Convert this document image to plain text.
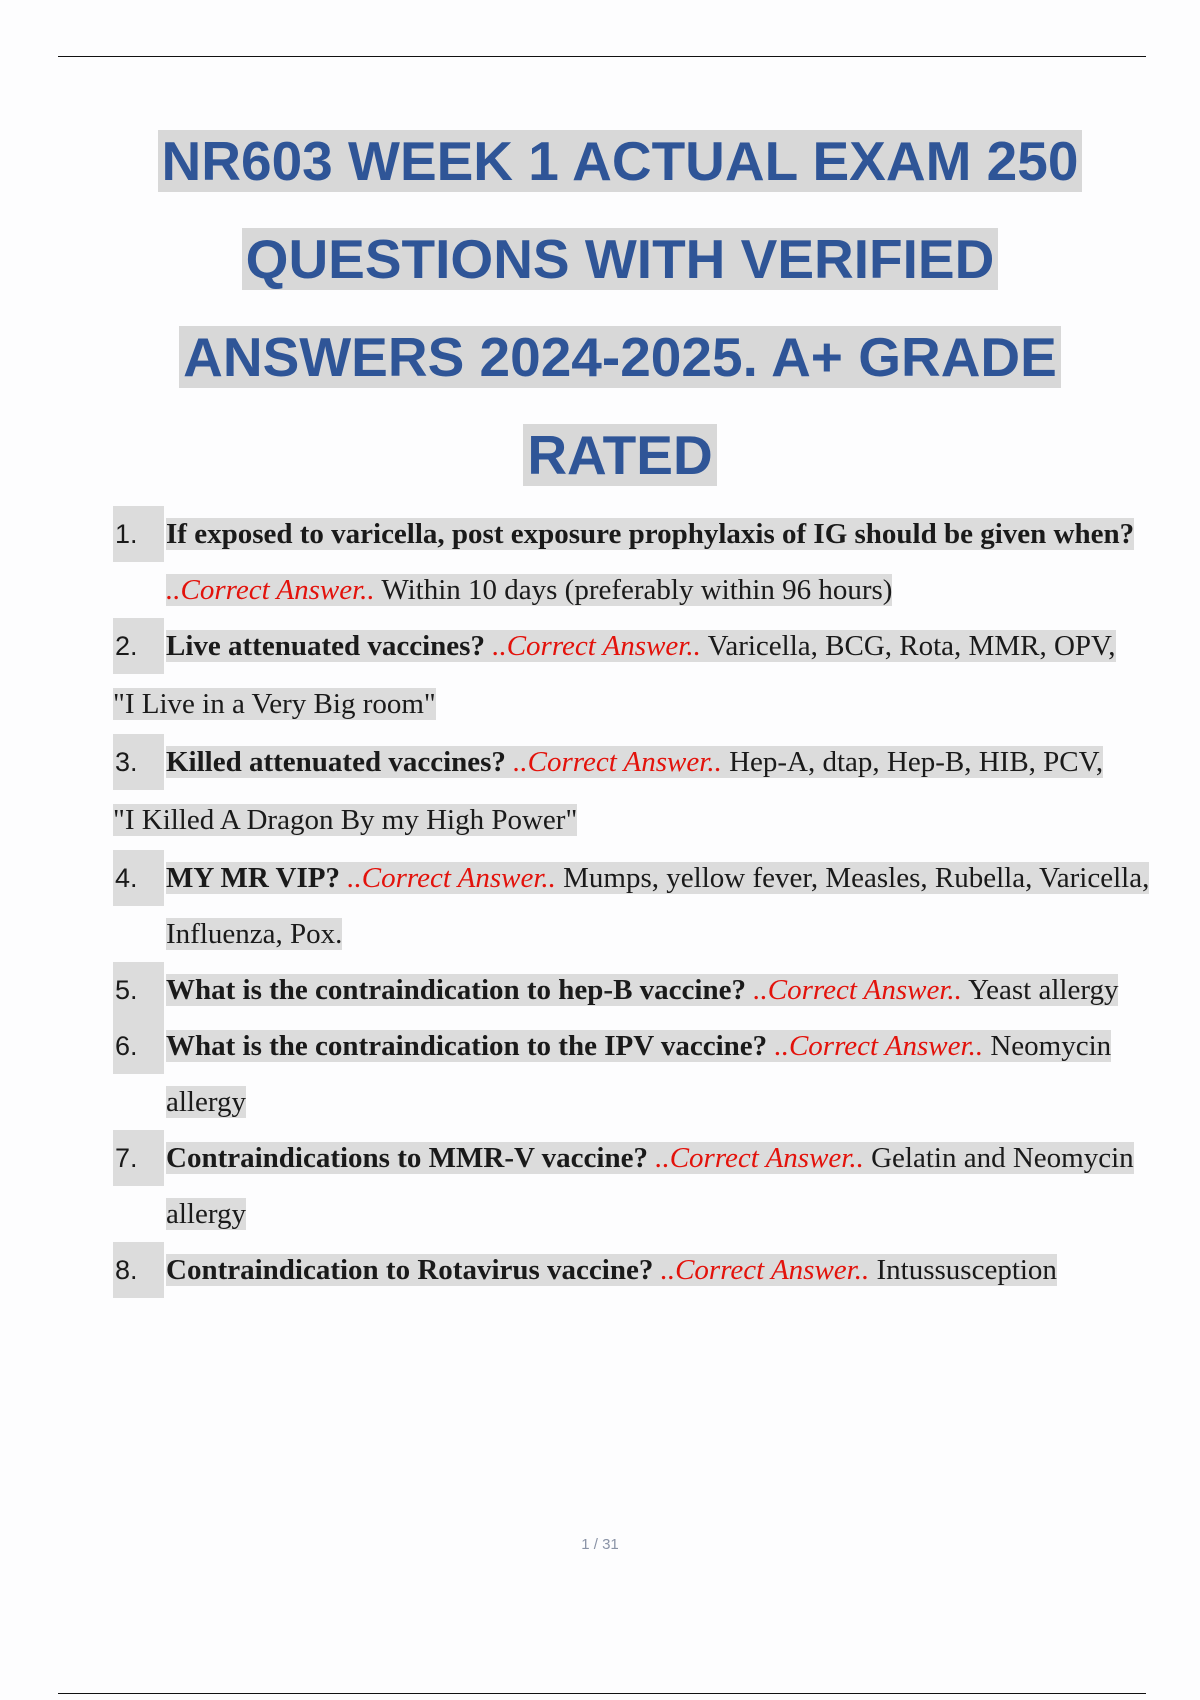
NR603 WEEK 1 ACTUAL EXAM 250
QUESTIONS WITH VERIFIED
ANSWERS 2024-2025. A+ GRADE
RATED
1. If exposed to varicella, post exposure prophylaxis of IG should be given when? ..Correct Answer.. Within 10 days (preferably within 96 hours)
2. Live attenuated vaccines? ..Correct Answer.. Varicella, BCG, Rota, MMR, OPV,
"I Live in a Very Big room"
3. Killed attenuated vaccines? ..Correct Answer.. Hep-A, dtap, Hep-B, HIB, PCV,
"I Killed A Dragon By my High Power"
4. MY MR VIP? ..Correct Answer.. Mumps, yellow fever, Measles, Rubella, Varicella, Influenza, Pox.
5. What is the contraindication to hep-B vaccine? ..Correct Answer.. Yeast allergy
6. What is the contraindication to the IPV vaccine? ..Correct Answer.. Neomycin allergy
7. Contraindications to MMR-V vaccine? ..Correct Answer.. Gelatin and Neomycin allergy
8. Contraindication to Rotavirus vaccine? ..Correct Answer.. Intussusception
1 / 31
